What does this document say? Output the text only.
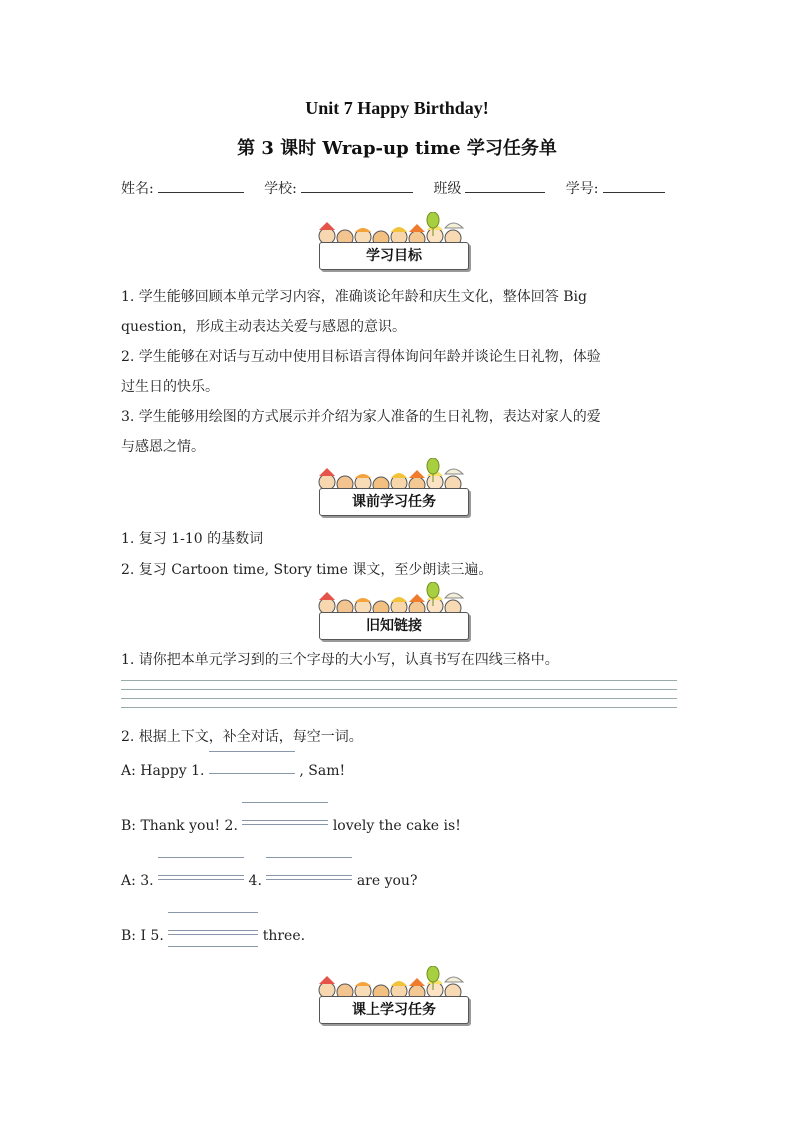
Unit 7 Happy Birthday!
第 3 课时 Wrap-up time 学习任务单
姓名:	学校:	班级	学号:
学习目标

1. 学生能够回顾本单元学习内容，准确谈论年龄和庆生文化，整体回答 Big
question，形成主动表达关爱与感恩的意识。

2. 学生能够在对话与互动中使用目标语言得体询问年龄并谈论生日礼物，体验
过生日的快乐。

3. 学生能够用绘图的方式展示并介绍为家人准备的生日礼物，表达对家人的爱
与感恩之情。

课前学习任务

1. 复习 1-10 的基数词

2. 复习 Cartoon time, Story time 课文，至少朗读三遍。

旧知链接

1. 请你把本单元学习到的三个字母的大小写，认真书写在四线三格中。

2. 根据上下文，补全对话，每空一词。

A: Happy 1.	, Sam!
B: Thank you! 2.	lovely the cake is!
A: 3.	4.	are you?
B: I 5.	three.
课上学习任务
